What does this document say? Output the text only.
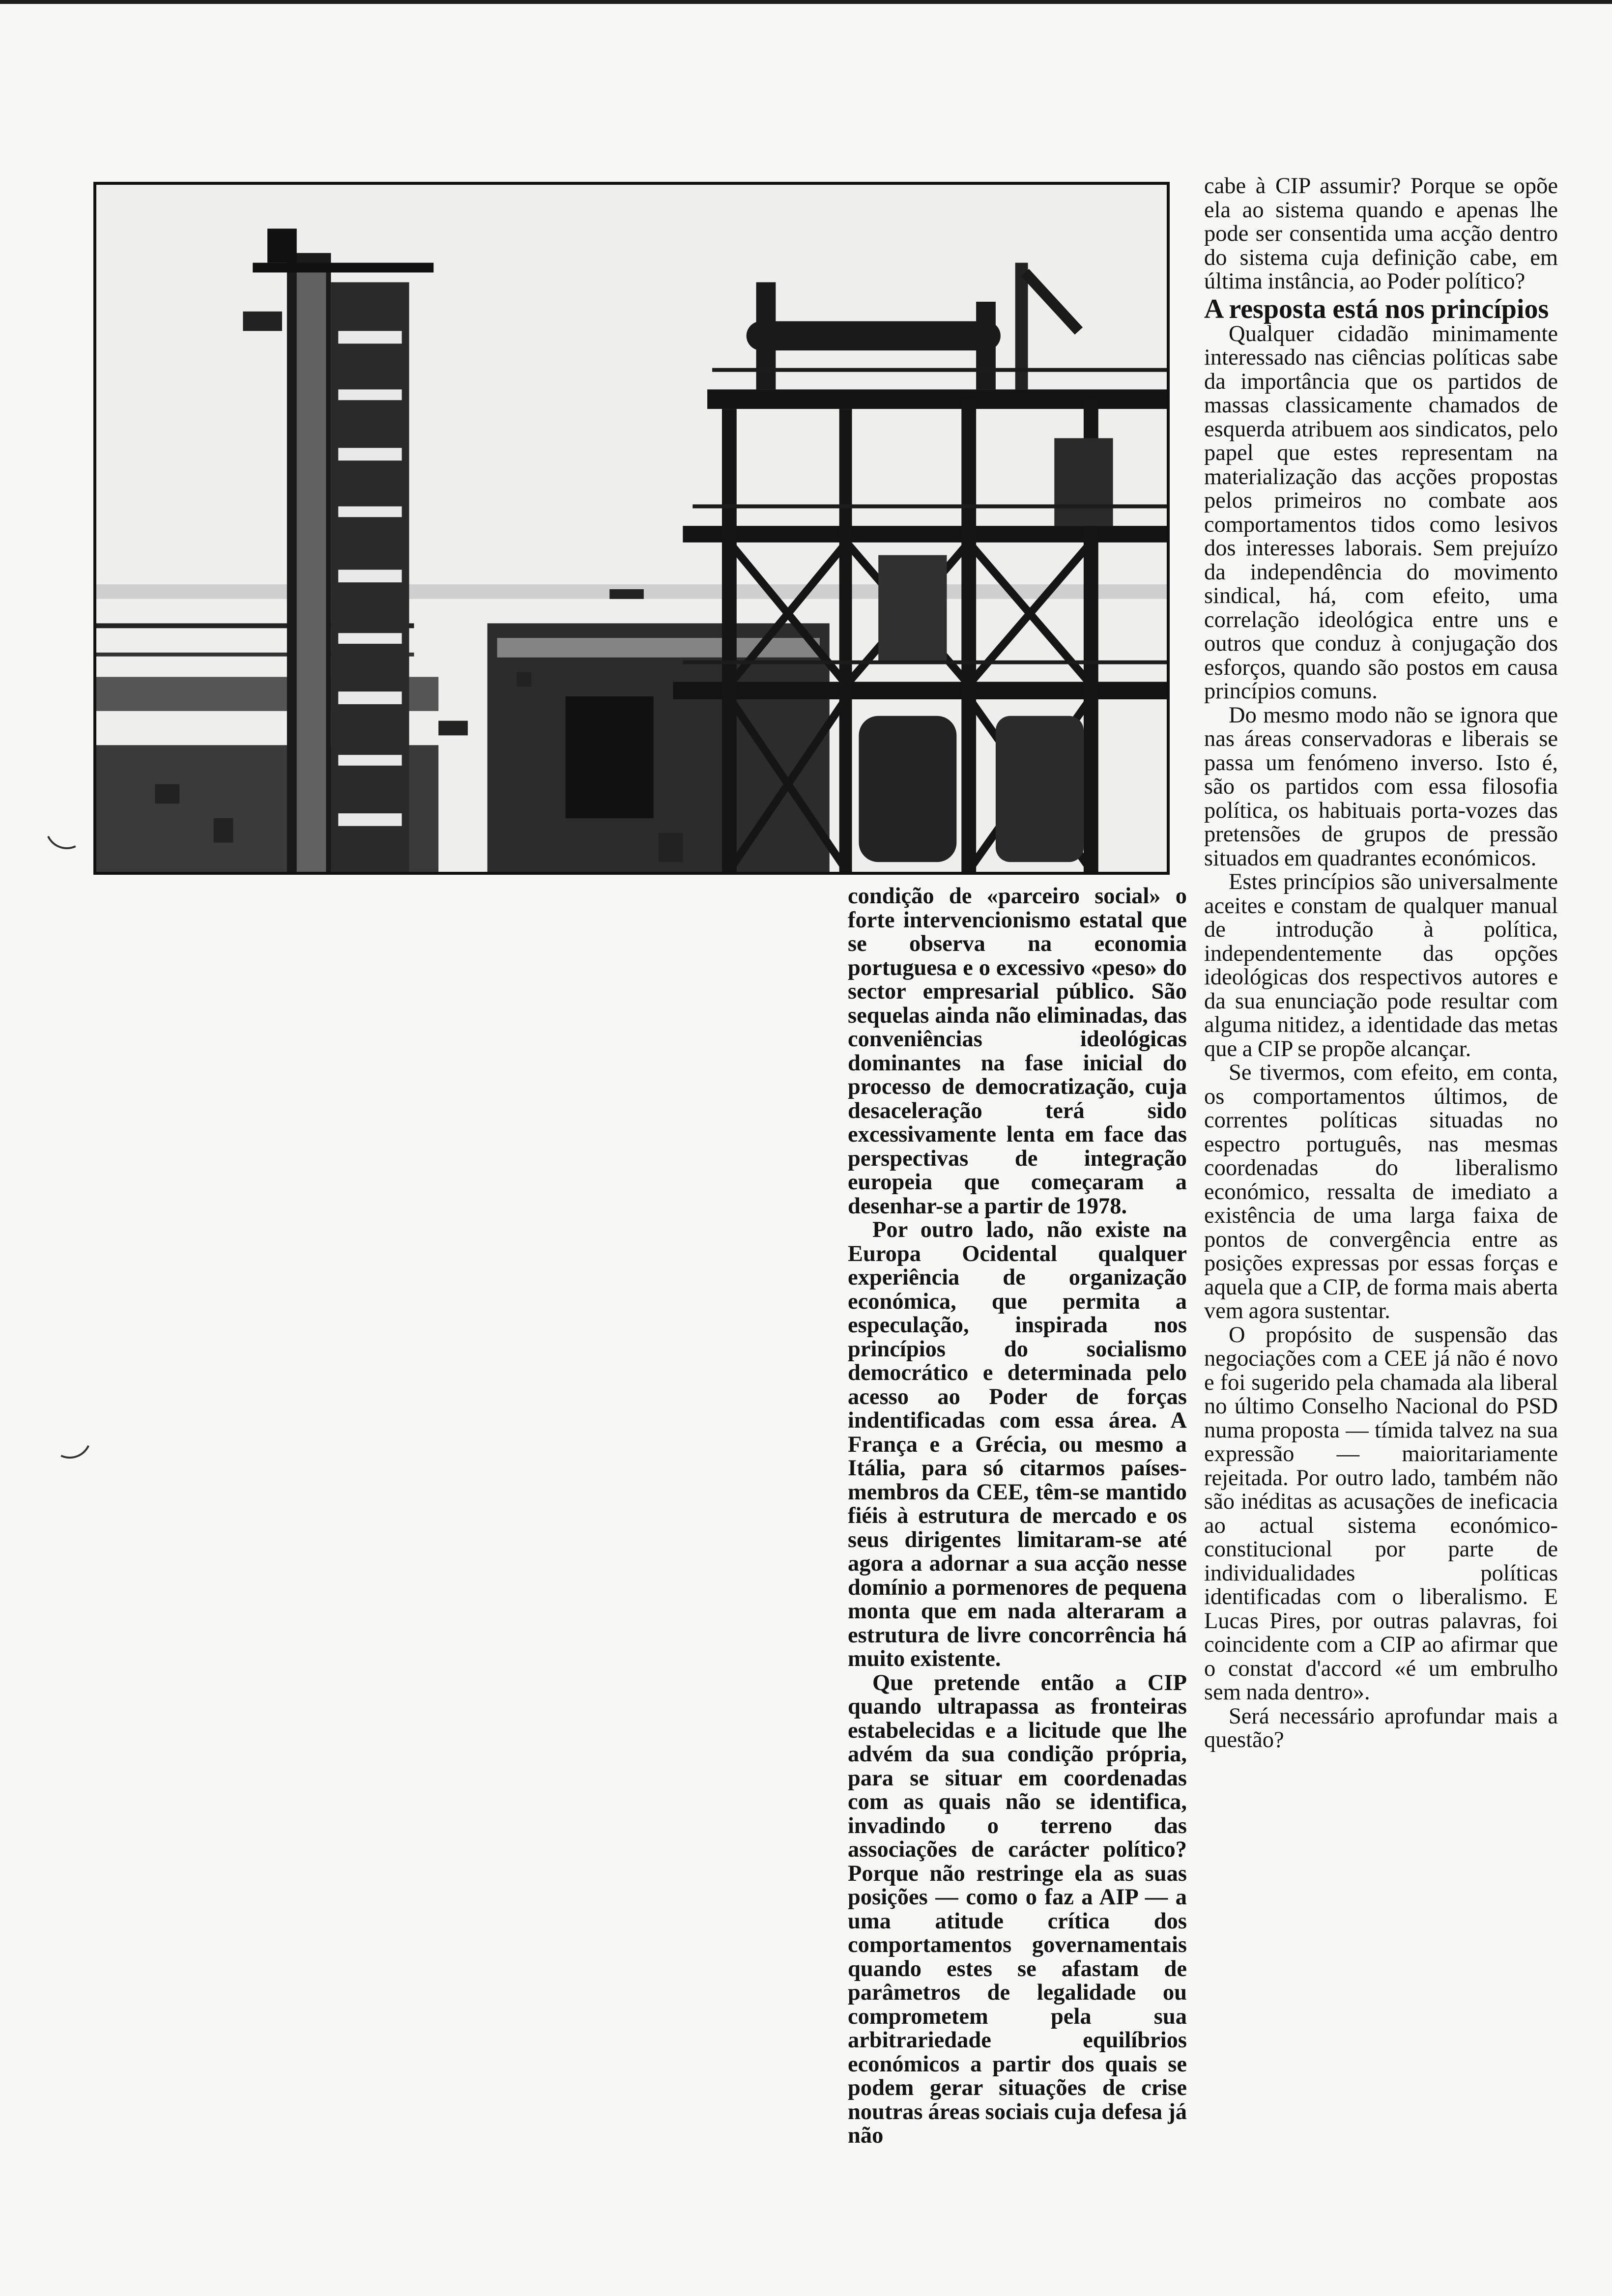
condição de «parceiro social» o forte intervencionismo estatal que se observa na economia portuguesa e o excessivo «peso» do sector empresarial público. São sequelas ainda não eliminadas, das conveniências ideológicas dominantes na fase inicial do processo de democratização, cuja desaceleração terá sido excessivamente lenta em face das perspectivas de integração europeia que começaram a desenhar-se a partir de 1978.

Por outro lado, não existe na Europa Ocidental qualquer experiência de organização económica, que permita a especulação, inspirada nos princípios do socialismo democrático e determinada pelo acesso ao Poder de forças indentificadas com essa área. A França e a Grécia, ou mesmo a Itália, para só citarmos países-membros da CEE, têm-se mantido fiéis à estrutura de mercado e os seus dirigentes limitaram-se até agora a adornar a sua acção nesse domínio a pormenores de pequena monta que em nada alteraram a estrutura de livre concorrência há muito existente.

Que pretende então a CIP quando ultrapassa as fronteiras estabelecidas e a licitude que lhe advém da sua condição própria, para se situar em coordenadas com as quais não se identifica, invadindo o terreno das associações de carácter político? Porque não restringe ela as suas posições — como o faz a AIP — a uma atitude crítica dos comportamentos governamentais quando estes se afastam de parâmetros de legalidade ou comprometem pela sua arbitrariedade equilíbrios económicos a partir dos quais se podem gerar situações de crise noutras áreas sociais cuja defesa já não

cabe à CIP assumir? Porque se opõe ela ao sistema quando e apenas lhe pode ser consentida uma acção dentro do sistema cuja definição cabe, em última instância, ao Poder político?

A resposta está nos princípios

Qualquer cidadão minimamente interessado nas ciências políticas sabe da importância que os partidos de massas classicamente chamados de esquerda atribuem aos sindicatos, pelo papel que estes representam na materialização das acções propostas pelos primeiros no combate aos comportamentos tidos como lesivos dos interesses laborais. Sem prejuízo da independência do movimento sindical, há, com efeito, uma correlação ideológica entre uns e outros que conduz à conjugação dos esforços, quando são postos em causa princípios comuns.

Do mesmo modo não se ignora que nas áreas conservadoras e liberais se passa um fenómeno inverso. Isto é, são os partidos com essa filosofia política, os habituais porta-vozes das pretensões de grupos de pressão situados em quadrantes económicos.

Estes princípios são universalmente aceites e constam de qualquer manual de introdução à política, independentemente das opções ideológicas dos respectivos autores e da sua enunciação pode resultar com alguma nitidez, a identidade das metas que a CIP se propõe alcançar.

Se tivermos, com efeito, em conta, os comportamentos últimos, de correntes políticas situadas no espectro português, nas mesmas coordenadas do liberalismo económico, ressalta de imediato a existência de uma larga faixa de pontos de convergência entre as posições expressas por essas forças e aquela que a CIP, de forma mais aberta vem agora sustentar.

O propósito de suspensão das negociações com a CEE já não é novo e foi sugerido pela chamada ala liberal no último Conselho Nacional do PSD numa proposta — tímida talvez na sua expressão — maioritariamente rejeitada. Por outro lado, também não são inéditas as acusações de ineficacia ao actual sistema económico-constitucional por parte de individualidades políticas identificadas com o liberalismo. E Lucas Pires, por outras palavras, foi coincidente com a CIP ao afirmar que o constat d'accord «é um embrulho sem nada dentro».

Será necessário aprofundar mais a questão?
